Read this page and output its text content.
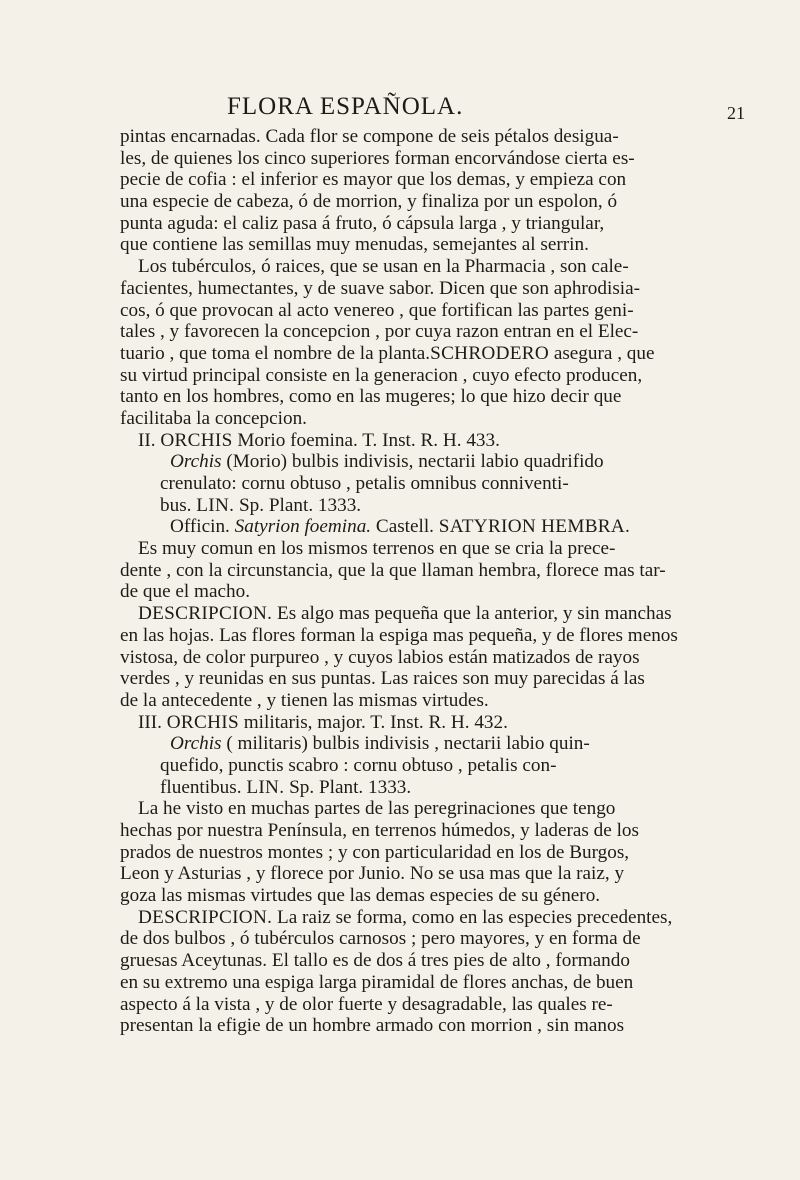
FLORA ESPAÑOLA.	21
pintas encarnadas. Cada flor se compone de seis pétalos desigua-
les, de quienes los cinco superiores forman encorvándose cierta es-
pecie de cofia : el inferior es mayor que los demas, y empieza con
una especie de cabeza, ó de morrion, y finaliza por un espolon, ó
punta aguda: el caliz pasa á fruto, ó cápsula larga , y triangular,
que contiene las semillas muy menudas, semejantes al serrin.
Los tubérculos, ó raices, que se usan en la Pharmacia , son cale-
facientes, humectantes, y de suave sabor. Dicen que son aphrodisia-
cos, ó que provocan al acto venereo , que fortifican las partes geni-
tales , y favorecen la concepcion , por cuya razon entran en el Elec-
tuario , que toma el nombre de la planta.SCHRODERO asegura , que
su virtud principal consiste en la generacion , cuyo efecto producen,
tanto en los hombres, como en las mugeres; lo que hizo decir que
facilitaba la concepcion.
II. ORCHIS Morio foemina. T. Inst. R. H. 433.
Orchis (Morio) bulbis indivisis, nectarii labio quadrifido
crenulato: cornu obtuso , petalis omnibus conniventi-
bus. LIN. Sp. Plant. 1333.
Officin. Satyrion foemina. Castell. SATYRION HEMBRA.
Es muy comun en los mismos terrenos en que se cria la prece-
dente , con la circunstancia, que la que llaman hembra, florece mas tar-
de que el macho.
DESCRIPCION. Es algo mas pequeña que la anterior, y sin manchas
en las hojas. Las flores forman la espiga mas pequeña, y de flores menos
vistosa, de color purpureo , y cuyos labios están matizados de rayos
verdes , y reunidas en sus puntas. Las raices son muy parecidas á las
de la antecedente , y tienen las mismas virtudes.
III. ORCHIS militaris, major. T. Inst. R. H. 432.
Orchis ( militaris) bulbis indivisis , nectarii labio quin-
quefido, punctis scabro : cornu obtuso , petalis con-
fluentibus. LIN. Sp. Plant. 1333.
La he visto en muchas partes de las peregrinaciones que tengo
hechas por nuestra Península, en terrenos húmedos, y laderas de los
prados de nuestros montes ; y con particularidad en los de Burgos,
Leon y Asturias , y florece por Junio. No se usa mas que la raiz, y
goza las mismas virtudes que las demas especies de su género.
DESCRIPCION. La raiz se forma, como en las especies precedentes,
de dos bulbos , ó tubérculos carnosos ; pero mayores, y en forma de
gruesas Aceytunas. El tallo es de dos á tres pies de alto , formando
en su extremo una espiga larga piramidal de flores anchas, de buen
aspecto á la vista , y de olor fuerte y desagradable, las quales re-
presentan la efigie de un hombre armado con morrion , sin manos
